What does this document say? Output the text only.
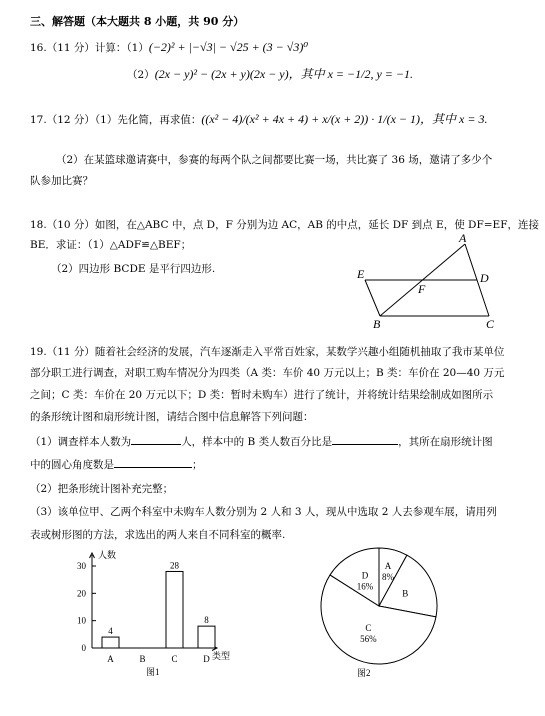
三、解答题（本大题共 8 小题，共 90 分）
16.（11 分）计算：（1）(−2)² + |−√3| − √25 + (3 − √3)⁰
（2）(2x − y)² − (2x + y)(2x − y)，其中 x = −1/2, y = −1.
17.（12 分）（1）先化简，再求值：((x² − 4)/(x² + 4x + 4) + x/(x + 2)) · 1/(x − 1)，其中 x = 3.
（2）在某篮球邀请赛中，参赛的每两个队之间都要比赛一场，共比赛了 36 场，邀请了多少个
队参加比赛？
18.（10 分）如图，在△ABC 中，点 D，F 分别为边 AC，AB 的中点，延长 DF 到点 E，使 DF=EF，连接
BE．求证：（1）△ADF≌△BEF；
（2）四边形 BCDE 是平行四边形.
A
E	D
F
B	C
19.（11 分）随着社会经济的发展，汽车逐渐走入平常百姓家，某数学兴趣小组随机抽取了我市某单位
部分职工进行调查，对职工购车情况分为四类（A 类：车价 40 万元以上；B 类：车价在 20—40 万元
之间；C 类：车价在 20 万元以下；D 类：暂时未购车）进行了统计，并将统计结果绘制成如图所示
的条形统计图和扇形统计图，请结合图中信息解答下列问题：
（1）调查样本人数为	人，样本中的 B 类人数百分比是	，其所在扇形统计图
中的圆心角度数是	；
（2）把条形统计图补充完整；
（3）该单位甲、乙两个科室中未购车人数分别为 2 人和 3 人，现从中选取 2 人去参观车展，请用列
表或树形图的方法，求选出的两人来自不同科室的概率.
人数
类型
图1
0
10
20
30
A
4
B	C
28
D
8
A
8%
B
C
56%
D
16%
图2
